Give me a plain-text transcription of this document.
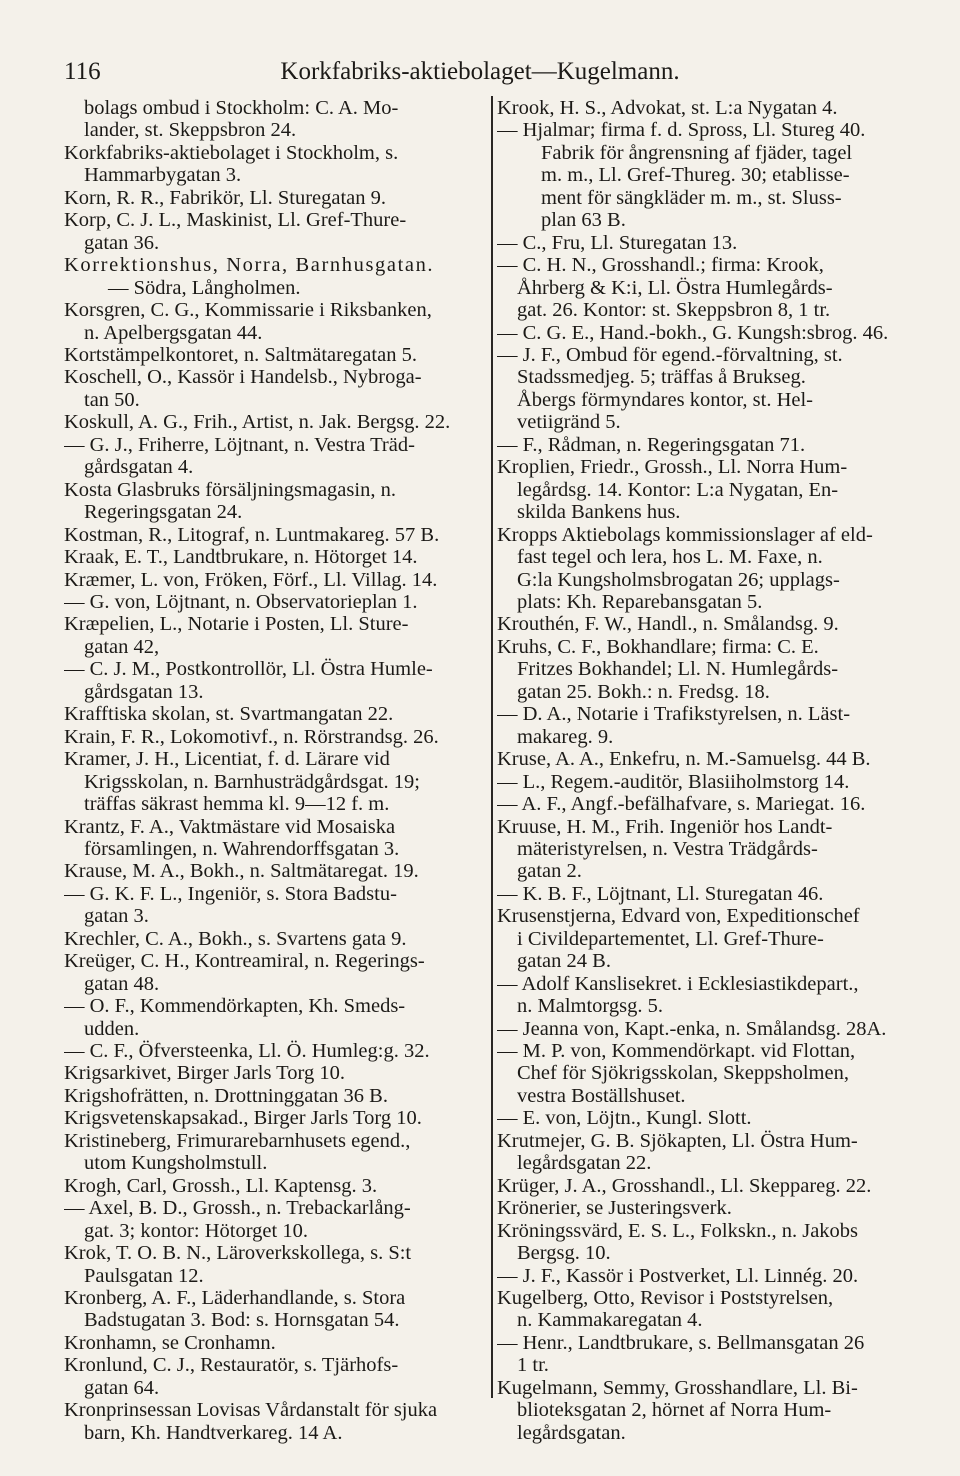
116	Korkfabriks-aktiebolaget—Kugelmann.
bolags ombud i Stockholm: C. A. Mo-
lander, st. Skeppsbron 24.
Korkfabriks-aktiebolaget i Stockholm, s.
Hammarbygatan 3.
Korn, R. R., Fabrikör, Ll. Sturegatan 9.
Korp, C. J. L., Maskinist, Ll. Gref-Thure-
gatan 36.
Korrektionshus, Norra, Barnhusgatan.
— Södra, Långholmen.
Korsgren, C. G., Kommissarie i Riksbanken,
n. Apelbergsgatan 44.
Kortstämpelkontoret, n. Saltmätaregatan 5.
Koschell, O., Kassör i Handelsb., Nybroga-
tan 50.
Koskull, A. G., Frih., Artist, n. Jak. Bergsg. 22.
— G. J., Friherre, Löjtnant, n. Vestra Träd-
gårdsgatan 4.
Kosta Glasbruks försäljningsmagasin, n.
Regeringsgatan 24.
Kostman, R., Litograf, n. Luntmakareg. 57 B.
Kraak, E. T., Landtbrukare, n. Hötorget 14.
Kræmer, L. von, Fröken, Förf., Ll. Villag. 14.
— G. von, Löjtnant, n. Observatorieplan 1.
Kræpelien, L., Notarie i Posten, Ll. Sture-
gatan 42,
— C. J. M., Postkontrollör, Ll. Östra Humle-
gårdsgatan 13.
Krafftiska skolan, st. Svartmangatan 22.
Krain, F. R., Lokomotivf., n. Rörstrandsg. 26.
Kramer, J. H., Licentiat, f. d. Lärare vid
Krigsskolan, n. Barnhusträdgårdsgat. 19;
träffas säkrast hemma kl. 9—12 f. m.
Krantz, F. A., Vaktmästare vid Mosaiska
församlingen, n. Wahrendorffsgatan 3.
Krause, M. A., Bokh., n. Saltmätaregat. 19.
— G. K. F. L., Ingeniör, s. Stora Badstu-
gatan 3.
Krechler, C. A., Bokh., s. Svartens gata 9.
Kreüger, C. H., Kontreamiral, n. Regerings-
gatan 48.
— O. F., Kommendörkapten, Kh. Smeds-
udden.
— C. F., Öfversteenka, Ll. Ö. Humleg:g. 32.
Krigsarkivet, Birger Jarls Torg 10.
Krigshofrätten, n. Drottninggatan 36 B.
Krigsvetenskapsakad., Birger Jarls Torg 10.
Kristineberg, Frimurarebarnhusets egend.,
utom Kungsholmstull.
Krogh, Carl, Grossh., Ll. Kaptensg. 3.
— Axel, B. D., Grossh., n. Trebackarlång-
gat. 3; kontor: Hötorget 10.
Krok, T. O. B. N., Läroverkskollega, s. S:t
Paulsgatan 12.
Kronberg, A. F., Läderhandlande, s. Stora
Badstugatan 3. Bod: s. Hornsgatan 54.
Kronhamn, se Cronhamn.
Kronlund, C. J., Restauratör, s. Tjärhofs-
gatan 64.
Kronprinsessan Lovisas Vårdanstalt för sjuka
barn, Kh. Handtverkareg. 14 A.
Krook, H. S., Advokat, st. L:a Nygatan 4.
— Hjalmar; firma f. d. Spross, Ll. Stureg 40.
Fabrik för ångrensning af fjäder, tagel
m. m., Ll. Gref-Thureg. 30; etablisse-
ment för sängkläder m. m., st. Sluss-
plan 63 B.
— C., Fru, Ll. Sturegatan 13.
— C. H. N., Grosshandl.; firma: Krook,
Åhrberg & K:i, Ll. Östra Humlegårds-
gat. 26. Kontor: st. Skeppsbron 8, 1 tr.
— C. G. E., Hand.-bokh., G. Kungsh:sbrog. 46.
— J. F., Ombud för egend.-förvaltning, st.
Stadssmedjeg. 5; träffas å Brukseg.
Åbergs förmyndares kontor, st. Hel-
vetiigränd 5.
— F., Rådman, n. Regeringsgatan 71.
Kroplien, Friedr., Grossh., Ll. Norra Hum-
legårdsg. 14. Kontor: L:a Nygatan, En-
skilda Bankens hus.
Kropps Aktiebolags kommissionslager af eld-
fast tegel och lera, hos L. M. Faxe, n.
G:la Kungsholmsbrogatan 26; upplags-
plats: Kh. Reparebansgatan 5.
Krouthén, F. W., Handl., n. Smålandsg. 9.
Kruhs, C. F., Bokhandlare; firma: C. E.
Fritzes Bokhandel; Ll. N. Humlegårds-
gatan 25. Bokh.: n. Fredsg. 18.
— D. A., Notarie i Trafikstyrelsen, n. Läst-
makareg. 9.
Kruse, A. A., Enkefru, n. M.-Samuelsg. 44 B.
— L., Regem.-auditör, Blasiiholmstorg 14.
— A. F., Angf.-befälhafvare, s. Mariegat. 16.
Kruuse, H. M., Frih. Ingeniör hos Landt-
mäteristyrelsen, n. Vestra Trädgårds-
gatan 2.
— K. B. F., Löjtnant, Ll. Sturegatan 46.
Krusenstjerna, Edvard von, Expeditionschef
i Civildepartementet, Ll. Gref-Thure-
gatan 24 B.
— Adolf Kanslisekret. i Ecklesiastikdepart.,
n. Malmtorgsg. 5.
— Jeanna von, Kapt.-enka, n. Smålandsg. 28A.
— M. P. von, Kommendörkapt. vid Flottan,
Chef för Sjökrigsskolan, Skeppsholmen,
vestra Boställshuset.
— E. von, Löjtn., Kungl. Slott.
Krutmejer, G. B. Sjökapten, Ll. Östra Hum-
legårdsgatan 22.
Krüger, J. A., Grosshandl., Ll. Skeppareg. 22.
Krönerier, se Justeringsverk.
Kröningssvärd, E. S. L., Folkskn., n. Jakobs
Bergsg. 10.
— J. F., Kassör i Postverket, Ll. Linnég. 20.
Kugelberg, Otto, Revisor i Poststyrelsen,
n. Kammakaregatan 4.
— Henr., Landtbrukare, s. Bellmansgatan 26
1 tr.
Kugelmann, Semmy, Grosshandlare, Ll. Bi-
blioteksgatan 2, hörnet af Norra Hum-
legårdsgatan.
